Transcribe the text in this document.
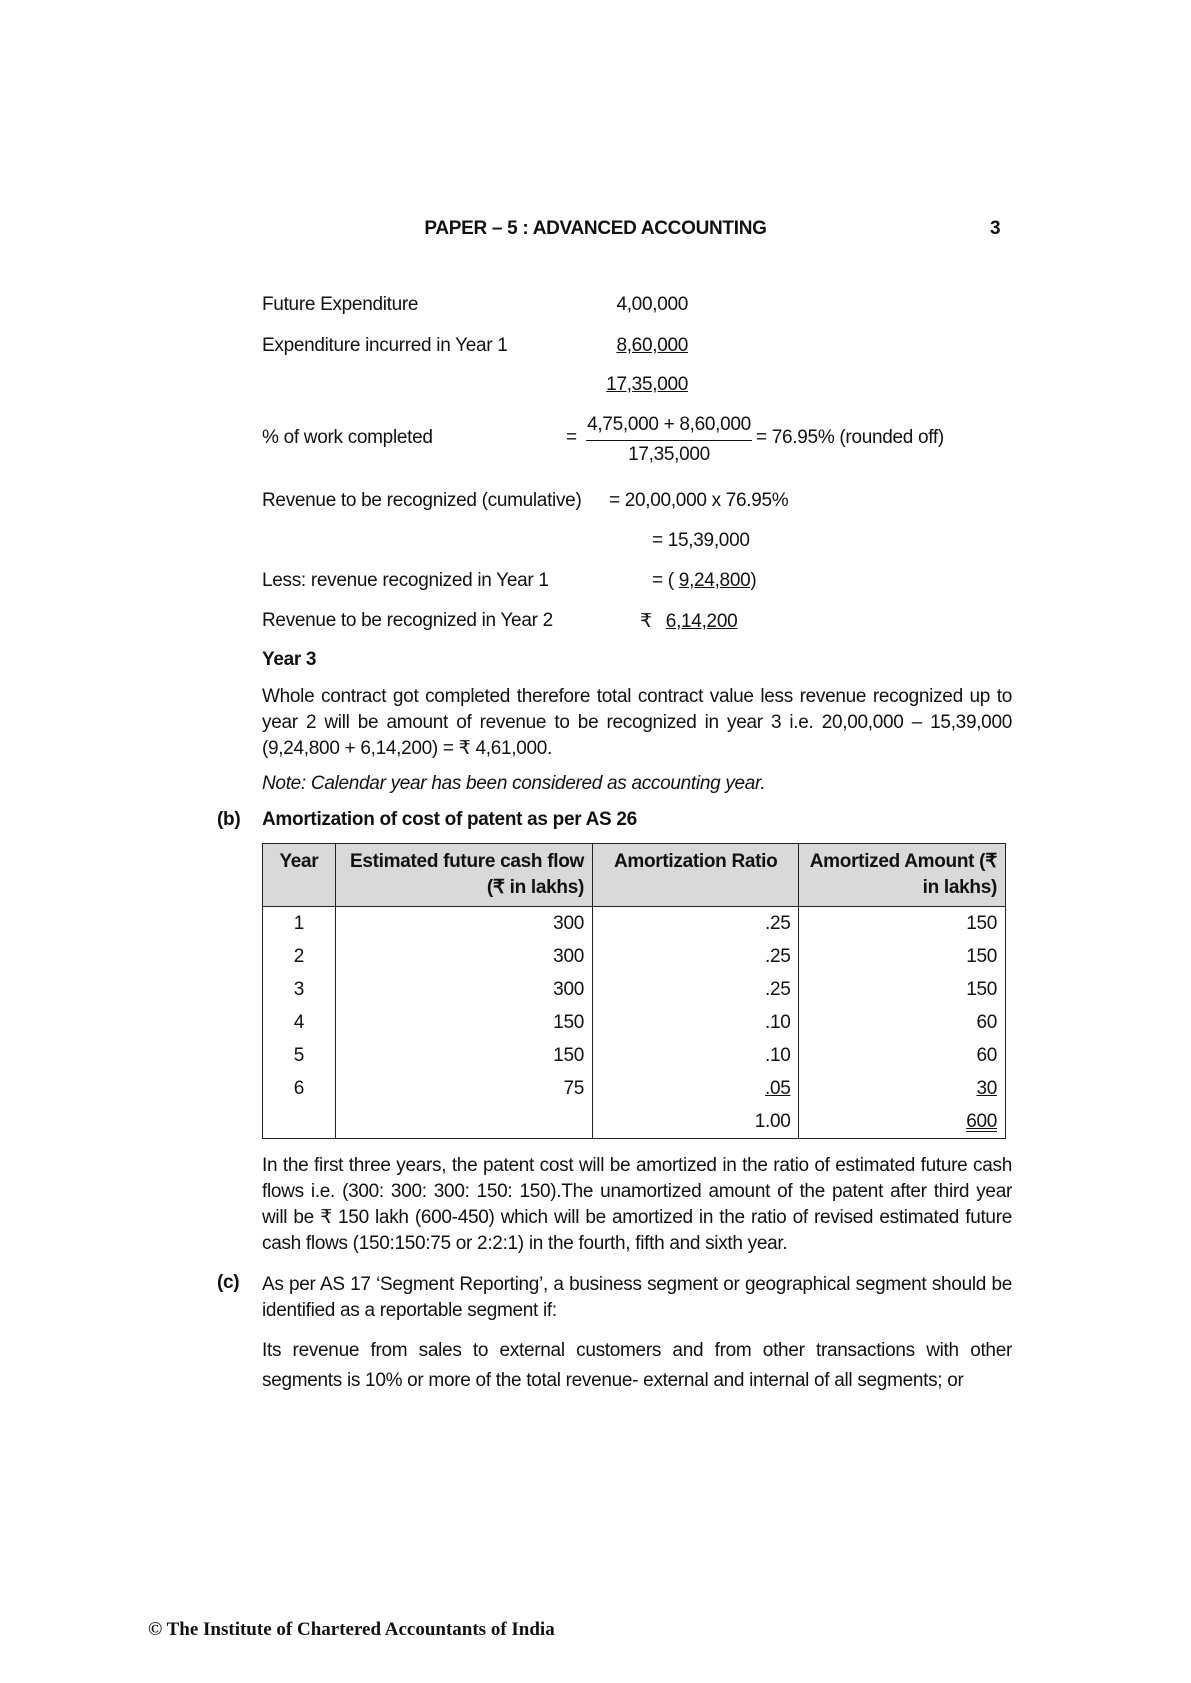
PAPER – 5 : ADVANCED ACCOUNTING	3
Future Expenditure	4,00,000
Expenditure incurred in Year 1	8,60,000
17,35,000
% of work completed	=
4,75,000 + 8,60,000
17,35,000
= 76.95% (rounded off)
Revenue to be recognized (cumulative) = 20,00,000 x 76.95%
= 15,39,000
Less: revenue recognized in Year 1	= ( 9,24,800)
Revenue to be recognized in Year 2	₹ 6,14,200
Year 3
Whole contract got completed therefore total contract value less revenue recognized up to year 2 will be amount of revenue to be recognized in year 3 i.e. 20,00,000 – 15,39,000 (9,24,800 + 6,14,200) = ₹ 4,61,000.
Note: Calendar year has been considered as accounting year.
(b) Amortization of cost of patent as per AS 26
Year	Estimated future cash flow (₹ in lakhs)	Amortization Ratio	Amortized Amount (₹ in lakhs)
1	300	.25	150
2	300	.25	150
3	300	.25	150
4	150	.10	60
5	150	.10	60
6	75	.05	30
		1.00	600
In the first three years, the patent cost will be amortized in the ratio of estimated future cash flows i.e. (300: 300: 300: 150: 150).The unamortized amount of the patent after third year will be ₹ 150 lakh (600-450) which will be amortized in the ratio of revised estimated future cash flows (150:150:75 or 2:2:1) in the fourth, fifth and sixth year.
(c) As per AS 17 ‘Segment Reporting’, a business segment or geographical segment should be identified as a reportable segment if:
Its revenue from sales to external customers and from other transactions with other segments is 10% or more of the total revenue- external and internal of all segments; or
© The Institute of Chartered Accountants of India
